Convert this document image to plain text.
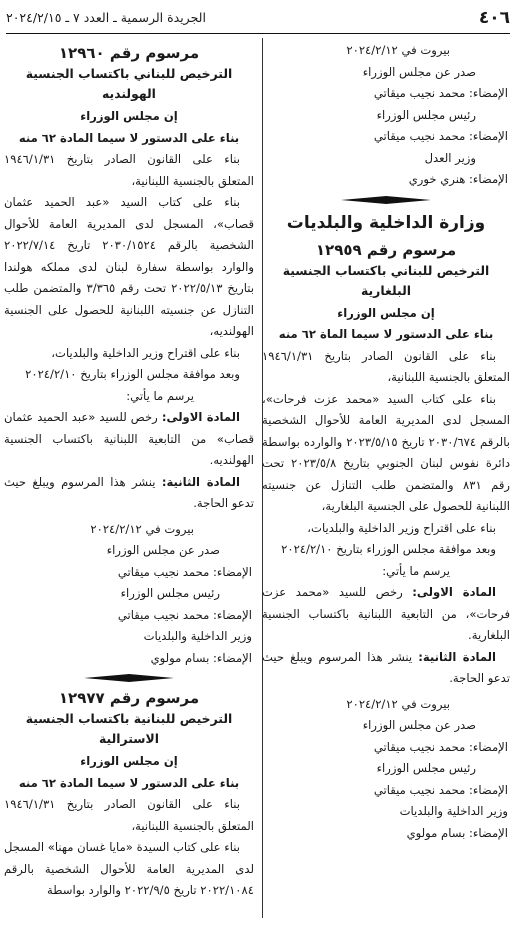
٤٠٦
الجريدة الرسمية ـ العدد ٧ ـ ٢٠٢٤/٢/١٥

بيروت في ٢٠٢٤/٢/١٢

صدر عن مجلس الوزراء

الإمضاء: محمد نجيب ميقاتي

رئيس مجلس الوزراء

الإمضاء: محمد نجيب ميقاتي

وزير العدل

الإمضاء: هنري خوري

وزارة الداخلية والبلديات

مرسوم رقم ١٢٩٥٩

الترخيص للبناني باكتساب الجنسية البلغارية

إن مجلس الوزراء

بناء على الدستور لا سيما الماة ٦٢ منه

بناء على القانون الصادر بتاريخ ١٩٤٦/١/٣١ المتعلق بالجنسية اللبنانية،

بناء على كتاب السيد «محمد عزت فرحات»، المسجل لدى المديرية العامة للأحوال الشخصية بالرقم ٢٠٣٠/٦٧٤ تاريخ ٢٠٢٣/٥/١٥ والوارده بواسطة دائرة نفوس لبنان الجنوبي بتاريخ ٢٠٢٣/٥/٨ تحت رقم ٨٣١ والمتضمن طلب التنازل عن جنسيته اللبنانية للحصول على الجنسية البلغارية،

بناء على اقتراح وزير الداخلية والبلديات،

وبعد موافقة مجلس الوزراء بتاريخ ٢٠٢٤/٢/١٠

يرسم ما يأتي:

المادة الاولى: رخص للسيد «محمد عزت فرحات»، من التابعية اللبنانية باكتساب الجنسية البلغارية.

المادة الثانية: ينشر هذا المرسوم ويبلغ حيث تدعو الحاجة.

بيروت في ٢٠٢٤/٢/١٢

صدر عن مجلس الوزراء

الإمضاء: محمد نجيب ميقاتي

رئيس مجلس الوزراء

الإمضاء: محمد نجيب ميقاتي

وزير الداخلية والبلديات

الإمضاء: بسام مولوي

مرسوم رقم ١٢٩٦٠

الترخيص للبناني باكتساب الجنسية الهولنديه

إن مجلس الوزراء

بناء على الدستور لا سيما المادة ٦٢ منه

بناء على القانون الصادر بتاريخ ١٩٤٦/١/٣١ المتعلق بالجنسية اللبنانية،

بناء على كتاب السيد «عبد الحميد عثمان قصاب»، المسجل لدى المديرية العامة للأحوال الشخصية بالرقم ٢٠٣٠/١٥٢٤ تاريخ ٢٠٢٢/٧/١٤ والوارد بواسطة سفارة لبنان لدى مملكه هولندا بتاريخ ٢٠٢٢/٥/١٣ تحت رقم ٣/٣٦٥ والمتضمن طلب التنازل عن جنسيته اللبنانية للحصول على الجنسية الهولنديه،

بناء على اقتراح وزير الداخلية والبلديات،

وبعد موافقة مجلس الوزراء بتاريخ ٢٠٢٤/٢/١٠

يرسم ما يأتي:

المادة الاولى: رخص للسيد «عبد الحميد عثمان قصاب» من التابعية اللبنانية باكتساب الجنسية الهولنديه.

المادة الثانية: ينشر هذا المرسوم ويبلغ حيث تدعو الحاجة.

بيروت في ٢٠٢٤/٢/١٢

صدر عن مجلس الوزراء

الإمضاء: محمد نجيب ميقاتي

رئيس مجلس الوزراء

الإمضاء: محمد نجيب ميقاتي

وزير الداخلية والبلديات

الإمضاء: بسام مولوي

مرسوم رقم ١٢٩٧٧

الترخيص للبنانية باكتساب الجنسية الاسترالية

إن مجلس الوزراء

بناء على الدستور لا سيما المادة ٦٢ منه

بناء على القانون الصادر بتاريخ ١٩٤٦/١/٣١ المتعلق بالجنسية اللبنانية،

بناء على كتاب السيدة «مايا غسان مهنا» المسجل لدى المديرية العامة للأحوال الشخصية بالرقم ٢٠٢٢/١٠٨٤ تاريخ ٢٠٢٢/٩/٥ والوارد بواسطة
